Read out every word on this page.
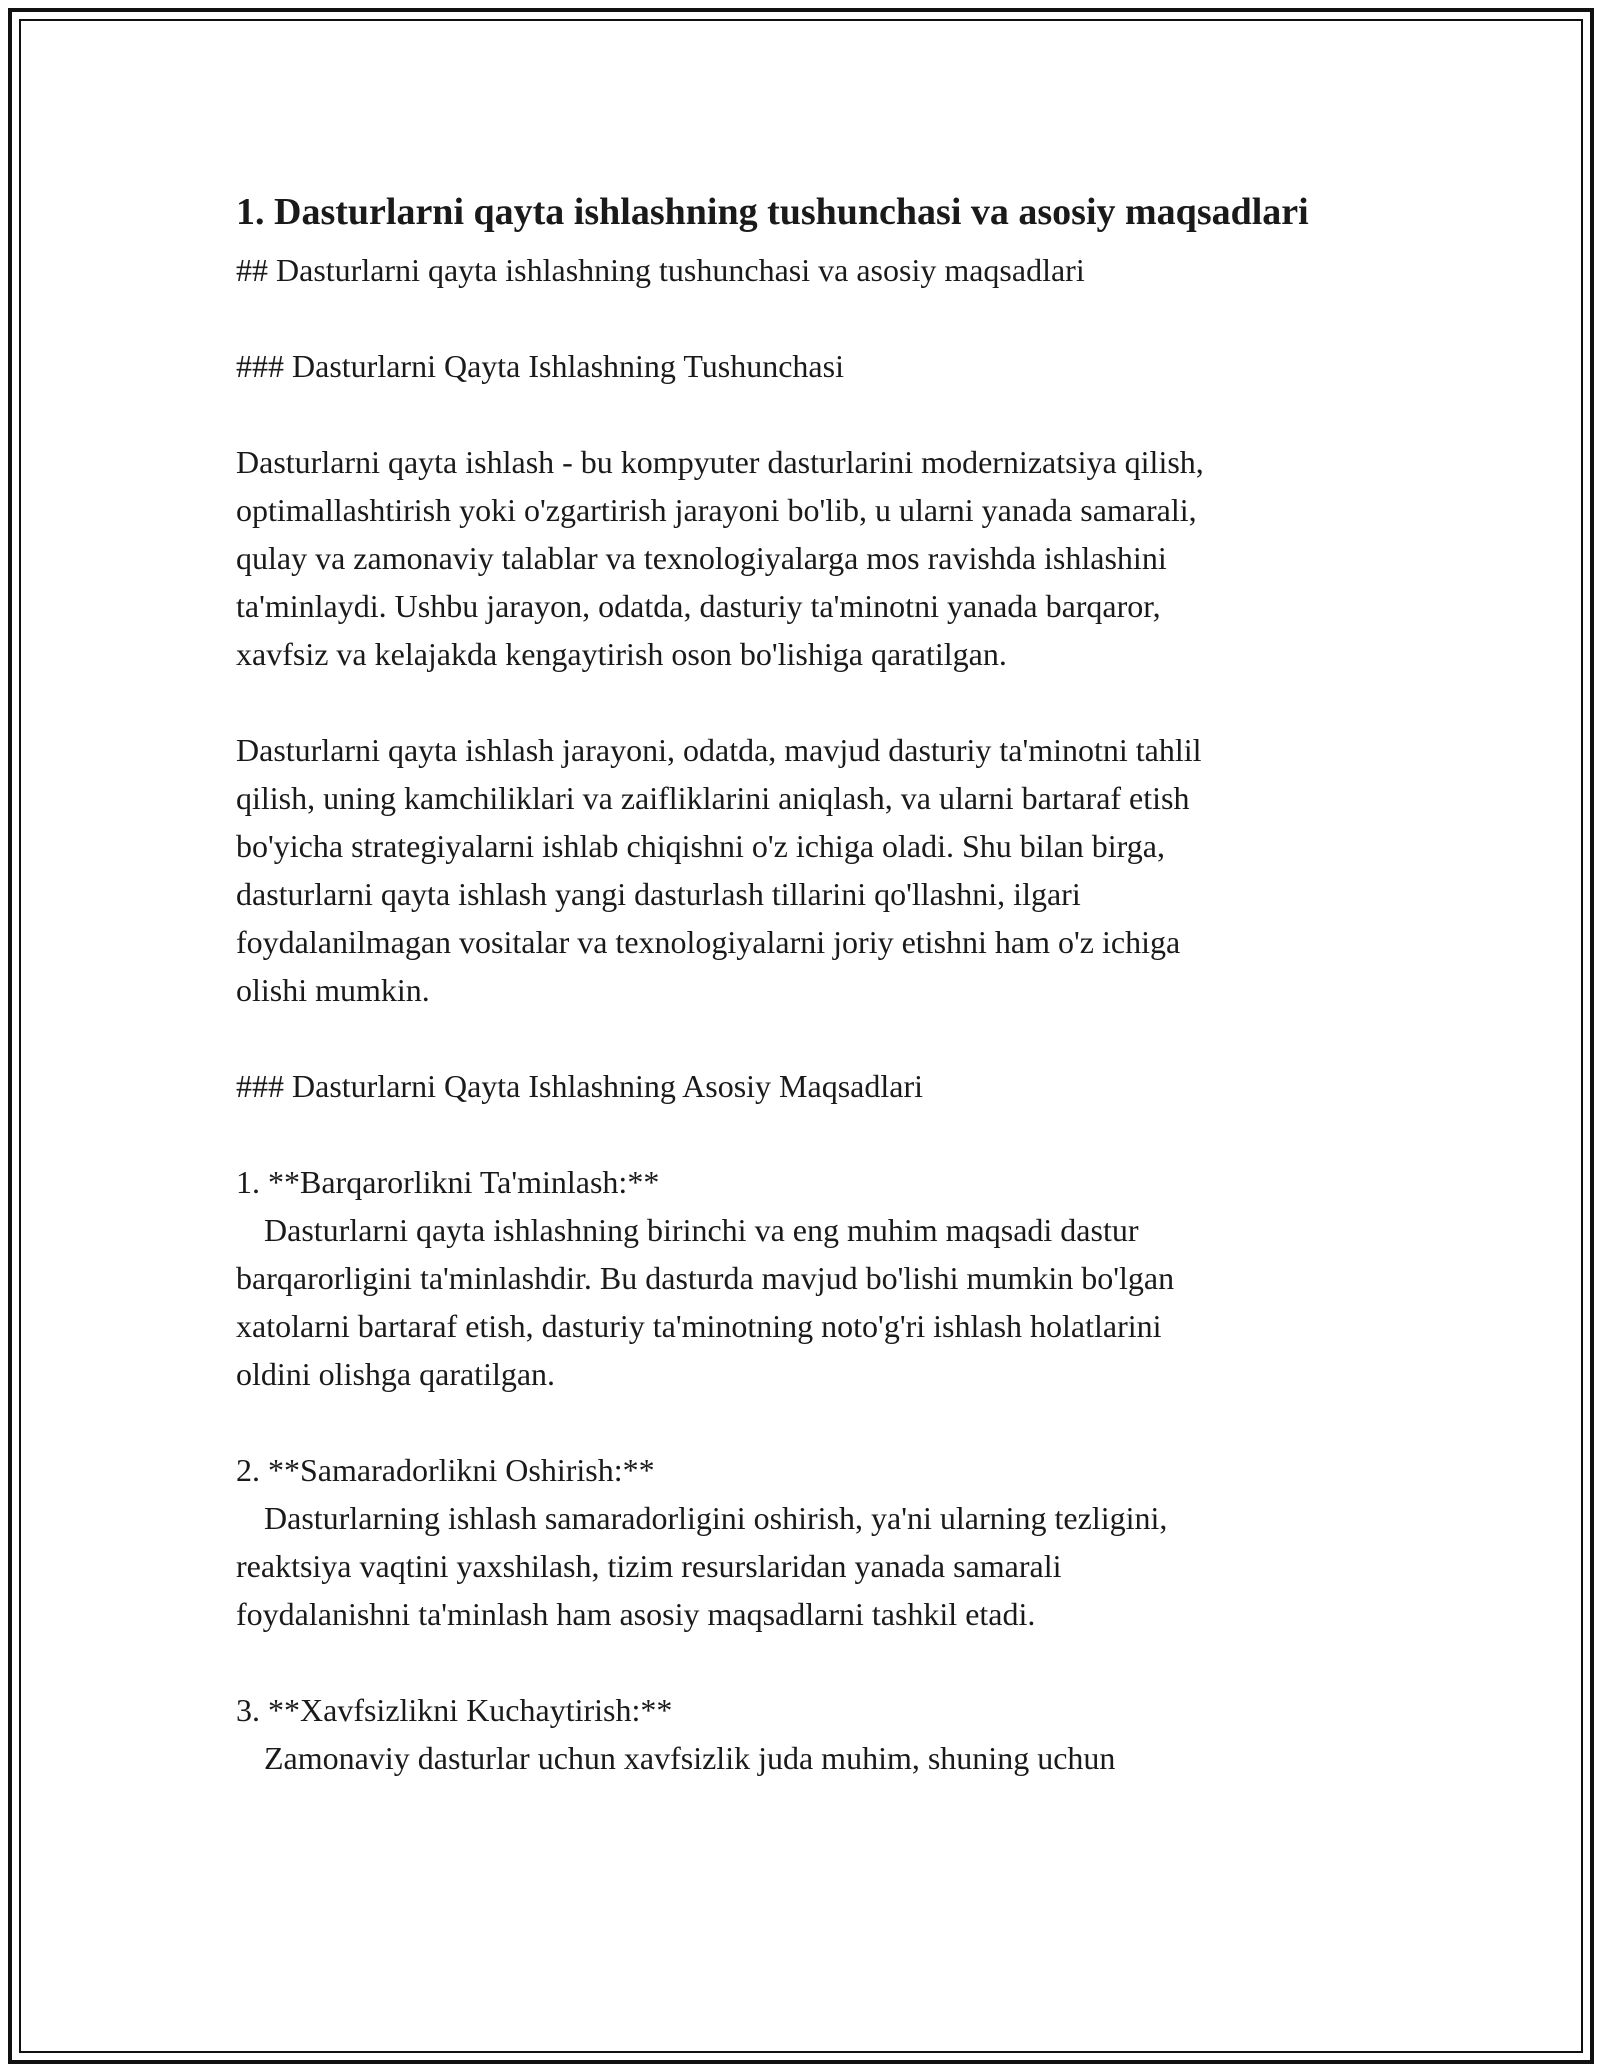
1. Dasturlarni qayta ishlashning tushunchasi va asosiy maqsadlari

## Dasturlarni qayta ishlashning tushunchasi va asosiy maqsadlari

### Dasturlarni Qayta Ishlashning Tushunchasi

Dasturlarni qayta ishlash - bu kompyuter dasturlarini modernizatsiya qilish,
optimallashtirish yoki o'zgartirish jarayoni bo'lib, u ularni yanada samarali,
qulay va zamonaviy talablar va texnologiyalarga mos ravishda ishlashini
ta'minlaydi. Ushbu jarayon, odatda, dasturiy ta'minotni yanada barqaror,
xavfsiz va kelajakda kengaytirish oson bo'lishiga qaratilgan.

Dasturlarni qayta ishlash jarayoni, odatda, mavjud dasturiy ta'minotni tahlil
qilish, uning kamchiliklari va zaifliklarini aniqlash, va ularni bartaraf etish
bo'yicha strategiyalarni ishlab chiqishni o'z ichiga oladi. Shu bilan birga,
dasturlarni qayta ishlash yangi dasturlash tillarini qo'llashni, ilgari
foydalanilmagan vositalar va texnologiyalarni joriy etishni ham o'z ichiga
olishi mumkin.

### Dasturlarni Qayta Ishlashning Asosiy Maqsadlari

1. **Barqarorlikni Ta'minlash:**

Dasturlarni qayta ishlashning birinchi va eng muhim maqsadi dastur
barqarorligini ta'minlashdir. Bu dasturda mavjud bo'lishi mumkin bo'lgan
xatolarni bartaraf etish, dasturiy ta'minotning noto'g'ri ishlash holatlarini
oldini olishga qaratilgan.

2. **Samaradorlikni Oshirish:**

Dasturlarning ishlash samaradorligini oshirish, ya'ni ularning tezligini,
reaktsiya vaqtini yaxshilash, tizim resurslaridan yanada samarali
foydalanishni ta'minlash ham asosiy maqsadlarni tashkil etadi.

3. **Xavfsizlikni Kuchaytirish:**

Zamonaviy dasturlar uchun xavfsizlik juda muhim, shuning uchun
